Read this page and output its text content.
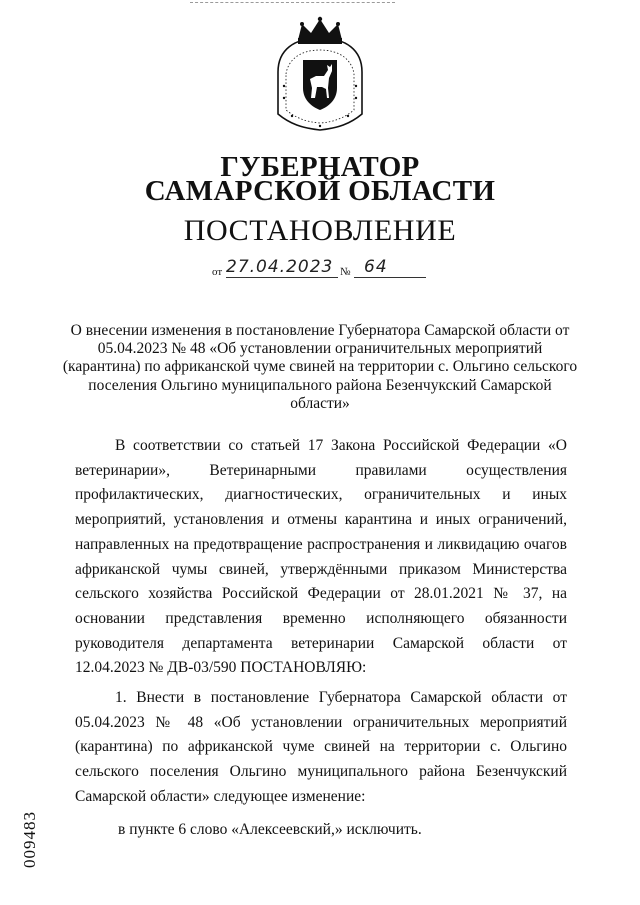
ГУБЕРНАТОР
САМАРСКОЙ ОБЛАСТИ
ПОСТАНОВЛЕНИЕ
от 27.04.2023 № 64
О внесении изменения в постановление Губернатора Самарской области от 05.04.2023 № 48 «Об установлении ограничительных мероприятий (карантина) по африканской чуме свиней на территории с. Ольгино сельского поселения Ольгино муниципального района Безенчукский Самарской области»
В соответствии со статьей 17 Закона Российской Федерации «О ветеринарии», Ветеринарными правилами осуществления профилактических, диагностических, ограничительных и иных мероприятий, установления и отмены карантина и иных ограничений, направленных на предотвращение распространения и ликвидацию очагов африканской чумы свиней, утверждёнными приказом Министерства сельского хозяйства Российской Федерации от 28.01.2021 № 37, на основании представления временно исполняющего обязанности руководителя департамента ветеринарии Самарской области от 12.04.2023 № ДВ-03/590 ПОСТАНОВЛЯЮ:
1. Внести в постановление Губернатора Самарской области от 05.04.2023 № 48 «Об установлении ограничительных мероприятий (карантина) по африканской чуме свиней на территории с. Ольгино сельского поселения Ольгино муниципального района Безенчукский Самарской области» следующее изменение:
в пункте 6 слово «Алексеевский,» исключить.
009483
